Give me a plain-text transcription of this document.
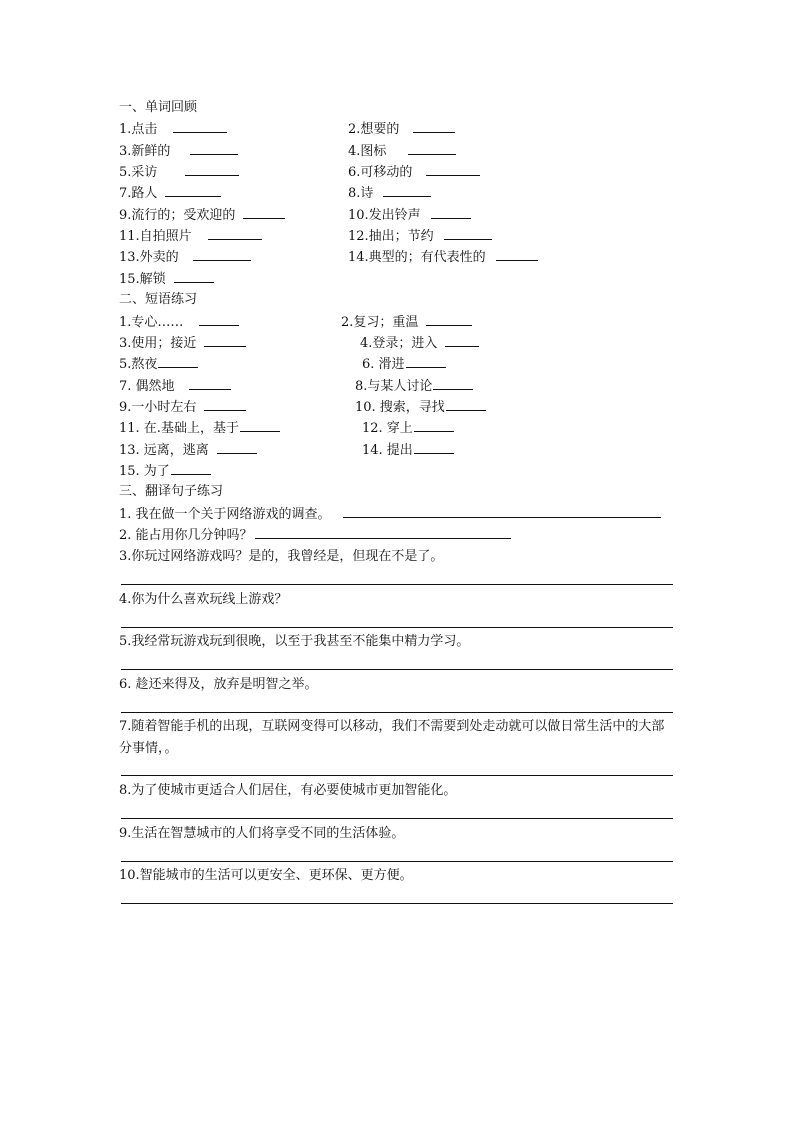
一、单词回顾
1.点击	2.想要的
3.新鲜的	4.图标
5.采访	6.可移动的
7.路人	8.诗
9.流行的；受欢迎的	10.发出铃声
11.自拍照片	12.抽出；节约
13.外卖的	14.典型的；有代表性的
15.解锁
二、短语练习
1.专心……	2.复习；重温
3.使用；接近	4.登录；进入
5.熬夜	6. 滑进
7. 偶然地	8.与某人讨论
9.一小时左右	10. 搜索，寻找
11. 在.基础上，基于	12. 穿上
13. 远离，逃离	14. 提出
15. 为了
三、翻译句子练习
1. 我在做一个关于网络游戏的调查。
2. 能占用你几分钟吗？
3.你玩过网络游戏吗？是的，我曾经是，但现在不是了。
4.你为什么喜欢玩线上游戏？
5.我经常玩游戏玩到很晚，以至于我甚至不能集中精力学习。
6. 趁还来得及，放弃是明智之举。
7.随着智能手机的出现，互联网变得可以移动，我们不需要到处走动就可以做日常生活中的大部分事情，。
8.为了使城市更适合人们居住，有必要使城市更加智能化。
9.生活在智慧城市的人们将享受不同的生活体验。
10.智能城市的生活可以更安全、更环保、更方便。
